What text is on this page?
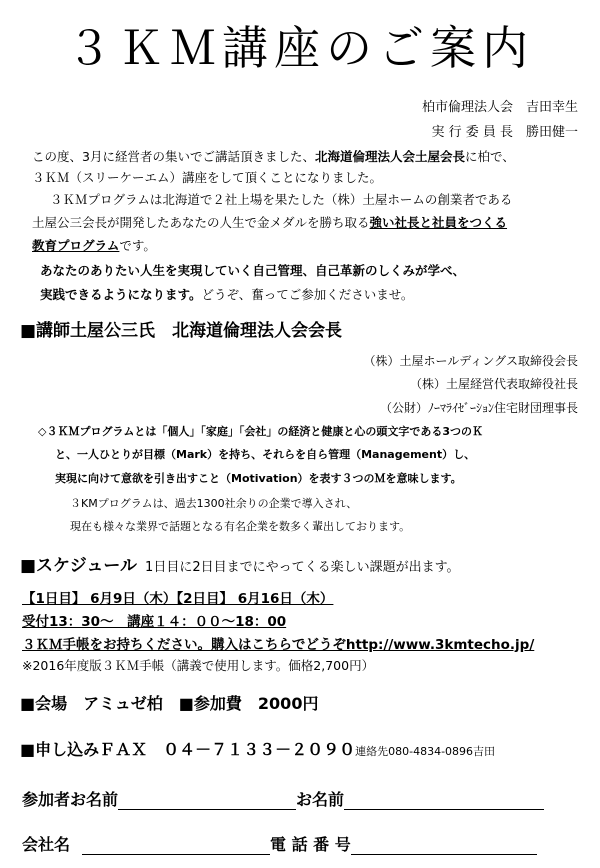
３ＫＭ講座のご案内
柏市倫理法人会　吉田幸生
実 行 委 員 長　勝田健一
この度、3月に経営者の集いでご講話頂きました、北海道倫理法人会土屋会長に柏で、
３ＫＭ（スリーケーエム）講座をして頂くことになりました。
３ＫＭプログラムは北海道で２社上場を果たした（株）土屋ホームの創業者である
土屋公三会長が開発したあなたの人生で金メダルを勝ち取る強い社長と社員をつくる
教育プログラムです。
あなたのありたい人生を実現していく自己管理、自己革新のしくみが学べ、
実践できるようになります。どうぞ、奮ってご参加くださいませ。
■講師土屋公三氏　北海道倫理法人会会長
（株）土屋ホールディングス取締役会長
（株）土屋経営代表取締役社長
（公財）ﾉｰﾏﾗｲｾﾞｰｼｮﾝ住宅財団理事長
◇３ＫＭプログラムとは「個人」「家庭」「会社」の経済と健康と心の頭文字である3つのＫ
と、一人ひとりが目標（Mark）を持ち、それらを自ら管理（Management）し、
実現に向けて意欲を引き出すこと（Motivation）を表す３つのＭを意味します。
３KMプログラムは、過去1300社余りの企業で導入され、
現在も様々な業界で話題となる有名企業を数多く輩出しております。
■スケジュール 1日目に2日目までにやってくる楽しい課題が出ます。
【1日目】 6月9日（木）【2日目】 6月16日（木）
受付13：30～　講座１４：００～18：00
３ＫＭ手帳をお持ちください。購入はこちらでどうぞhttp://www.3kmtecho.jp/
※2016年度版３ＫＭ手帳（講義で使用します。価格2,700円）
■会場　アミュゼ柏　■参加費　2000円
■申し込みＦＡＸ　０４－７１３３－２０９０連絡先080-4834-0896吉田
参加者お名前	お名前
会社名	電 話 番 号
